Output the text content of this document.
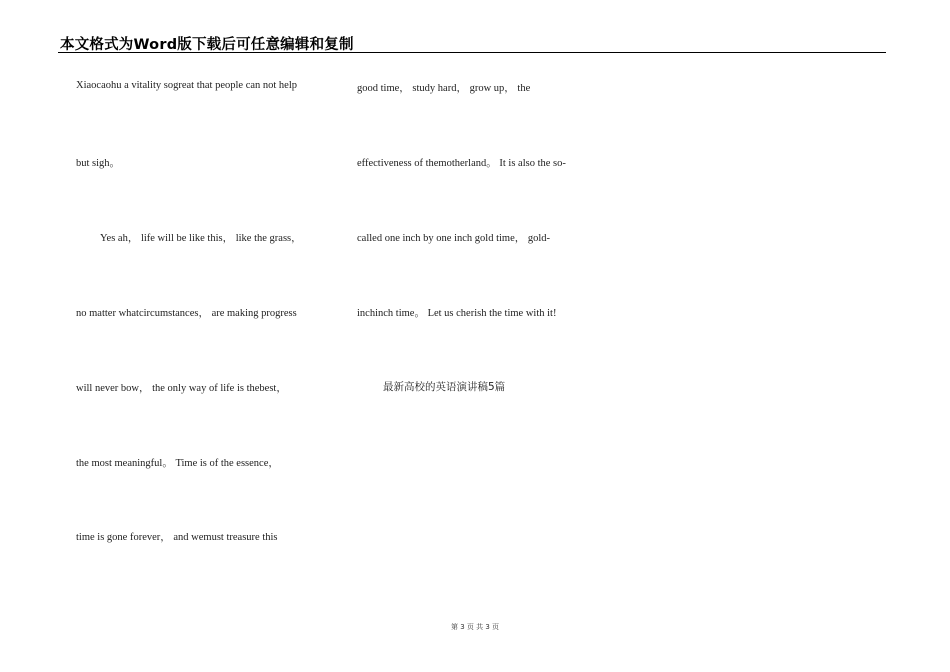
本文格式为Word版下载后可任意编辑和复制
Xiaocaohu a vitality sogreat that people can not help
but sigh。
Yes ah， life will be like this， like the grass，
no matter whatcircumstances， are making progress
will never bow， the only way of life is thebest，
the most meaningful。 Time is of the essence，
time is gone forever， and wemust treasure this
good time， study hard， grow up， the
effectiveness of themotherland。 It is also the so-
called one inch by one inch gold time， gold-
inchinch time。 Let us cherish the time with it!
最新高校的英语演讲稿5篇
第 3 页 共 3 页
